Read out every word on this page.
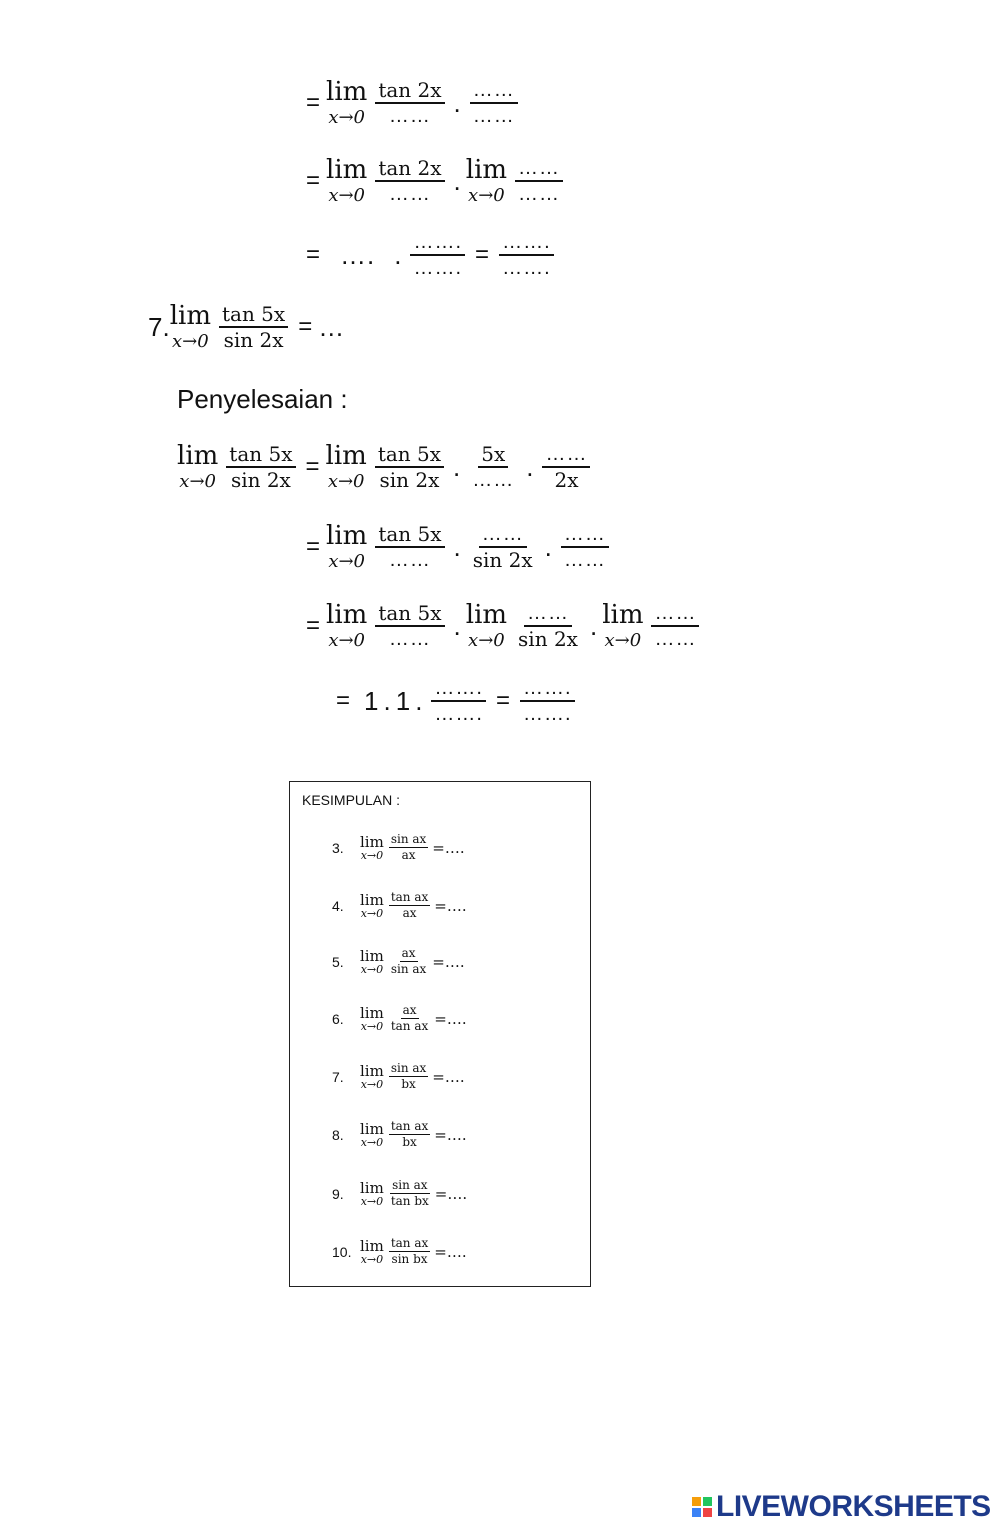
= lim
$x\to 0 \frac{\tan 2x}{\dots\dots}$ . $\frac{\dots\dots}{\dots\dots}$
= lim
$x\to 0 \frac{\tan 2x}{\dots\dots}$ . lim
$x\to 0 \frac{\dots\dots}{\dots\dots}$
= …. . $\frac{\dots\dots.}{\dots\dots.} = \frac{\dots\dots.}{\dots\dots.}$
7. lim
$x\to 0 \frac{\tan 5x}{\sin 2x}$ = …
Penyelesaian :
lim
$x\to 0 \frac{\tan 5x}{\sin 2x} = \lim$
$x\to 0 \frac{\tan 5x}{\sin 2x}$ . $\frac{5x}{\dots\dots}$ . $\frac{\dots\dots}{2x}$
= lim
$x\to 0 \frac{\tan 5x}{\dots\dots}$ . $\frac{\dots\dots}{\sin 2x}$ . $\frac{\dots\dots}{\dots\dots}$
= lim
$x\to 0 \frac{\tan 5x}{\dots\dots}$ . lim
$x\to 0 \frac{\dots\dots}{\sin 2x}$ . lim
$x\to 0 \frac{\dots\dots}{\dots\dots}$
= 1 . 1 . $\frac{\dots\dots.}{\dots\dots.} = \frac{\dots\dots.}{\dots\dots.}$
KESIMPULAN :
3.	lim
$x\to 0 \frac{\text{sin ax}}{ax}$ =….
4.	lim
$x\to 0 \frac{\text{tan ax}}{ax}$ =….
5.	lim
$x\to 0 \frac{ax}{\text{sin ax}}$ =….
6.	lim
$x\to 0 \frac{ax}{\text{tan ax}}$ =….
7.	lim
$x\to 0 \frac{\text{sin ax}}{bx}$ =….
8.	lim
$x\to 0 \frac{\text{tan ax}}{bx}$ =….
9.	lim
$x\to 0 \frac{\text{sin ax}}{\text{tan bx}}$ =….
10. lim
$x\to 0 \frac{\text{tan ax}}{\text{sin bx}}$ =….
LIVEWORKSHEETS
